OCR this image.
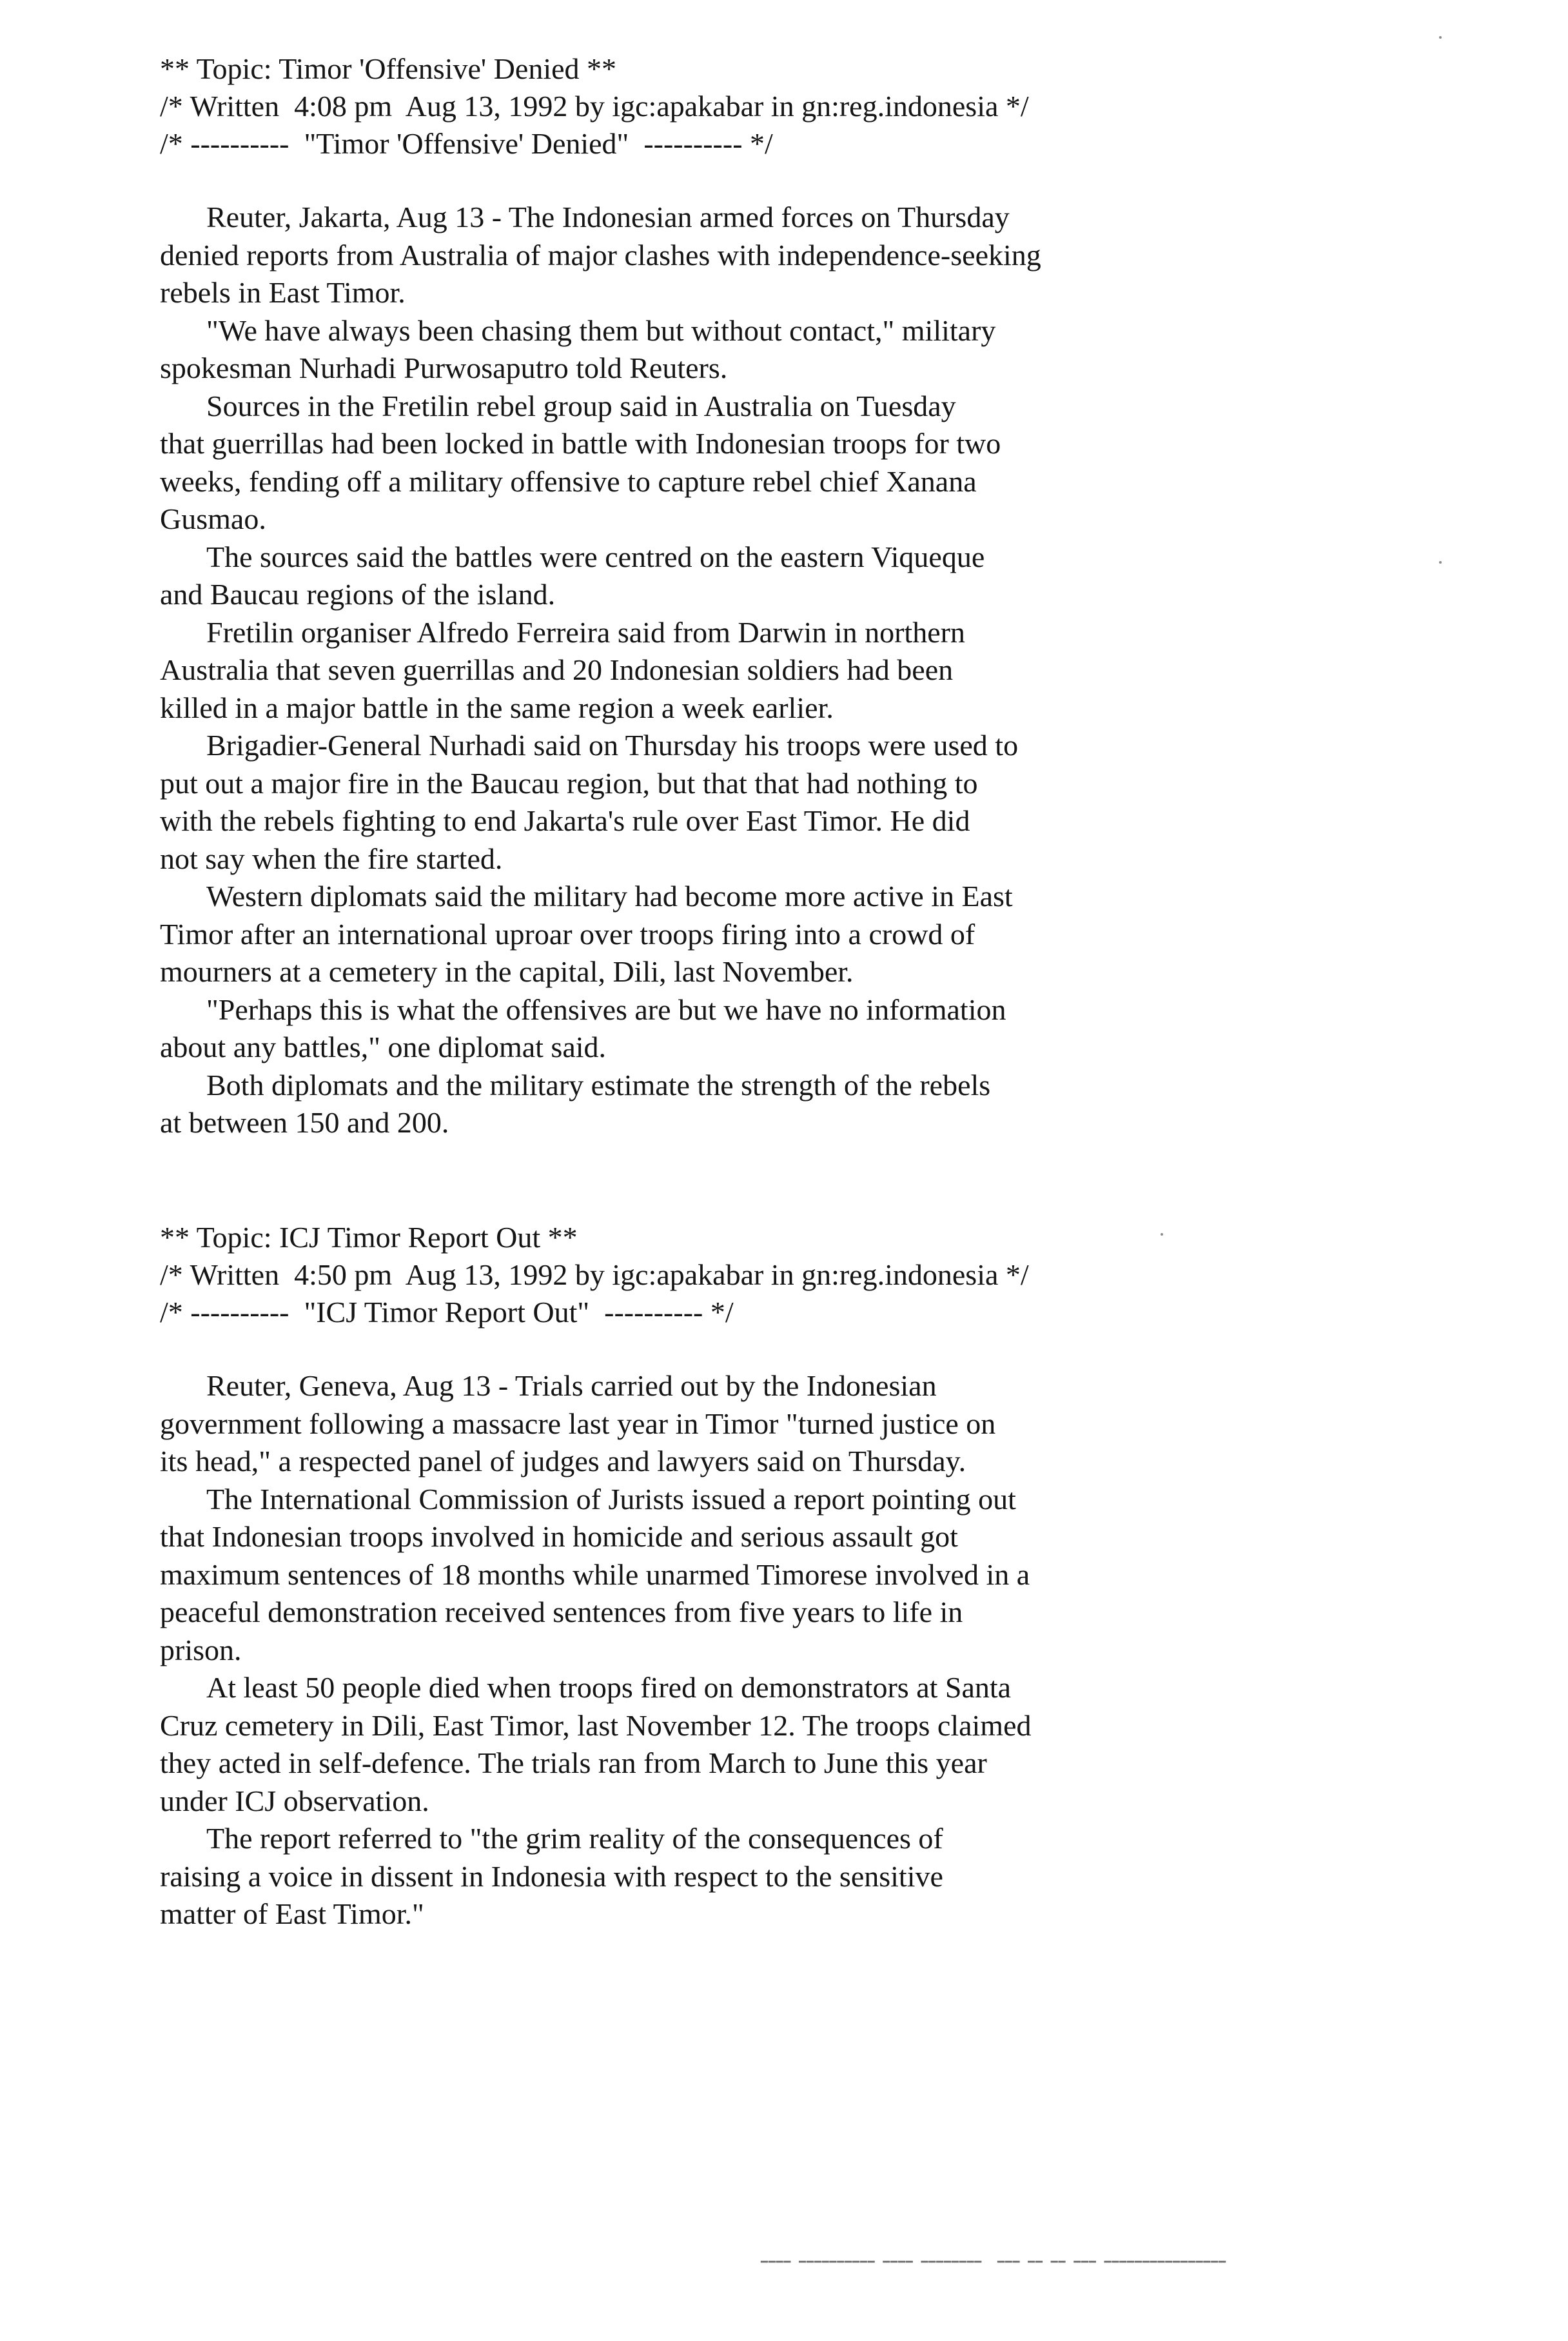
** Topic: Timor 'Offensive' Denied **

/* Written  4:08 pm  Aug 13, 1992 by igc:apakabar in gn:reg.indonesia */

/* ----------  "Timor 'Offensive' Denied"  ---------- */

Reuter, Jakarta, Aug 13 - The Indonesian armed forces on Thursday
denied reports from Australia of major clashes with independence-seeking
rebels in East Timor.

"We have always been chasing them but without contact," military
spokesman Nurhadi Purwosaputro told Reuters.

Sources in the Fretilin rebel group said in Australia on Tuesday
that guerrillas had been locked in battle with Indonesian troops for two
weeks, fending off a military offensive to capture rebel chief Xanana
Gusmao.

The sources said the battles were centred on the eastern Viqueque
and Baucau regions of the island.

Fretilin organiser Alfredo Ferreira said from Darwin in northern
Australia that seven guerrillas and 20 Indonesian soldiers had been
killed in a major battle in the same region a week earlier.

Brigadier-General Nurhadi said on Thursday his troops were used to
put out a major fire in the Baucau region, but that that had nothing to
with the rebels fighting to end Jakarta's rule over East Timor. He did
not say when the fire started.

Western diplomats said the military had become more active in East
Timor after an international uproar over troops firing into a crowd of
mourners at a cemetery in the capital, Dili, last November.

"Perhaps this is what the offensives are but we have no information
about any battles," one diplomat said.

Both diplomats and the military estimate the strength of the rebels
at between 150 and 200.

** Topic: ICJ Timor Report Out **

/* Written  4:50 pm  Aug 13, 1992 by igc:apakabar in gn:reg.indonesia */

/* ----------  "ICJ Timor Report Out"  ---------- */

Reuter, Geneva, Aug 13 - Trials carried out by the Indonesian
government following a massacre last year in Timor "turned justice on
its head," a respected panel of judges and lawyers said on Thursday.

The International Commission of Jurists issued a report pointing out
that Indonesian troops involved in homicide and serious assault got
maximum sentences of 18 months while unarmed Timorese involved in a
peaceful demonstration received sentences from five years to life in
prison.

At least 50 people died when troops fired on demonstrators at Santa
Cruz cemetery in Dili, East Timor, last November 12. The troops claimed
they acted in self-defence. The trials ran from March to June this year
under ICJ observation.

The report referred to "the grim reality of the consequences of
raising a voice in dissent in Indonesia with respect to the sensitive
matter of East Timor."

▁▁▁▁ ▁▁▁▁▁▁▁▁▁▁ ▁▁▁▁ ▁▁▁▁▁▁▁▁  ▁▁▁ ▁▁ ▁▁ ▁▁▁ ▁▁▁▁▁▁▁▁▁▁▁▁▁▁▁▁
